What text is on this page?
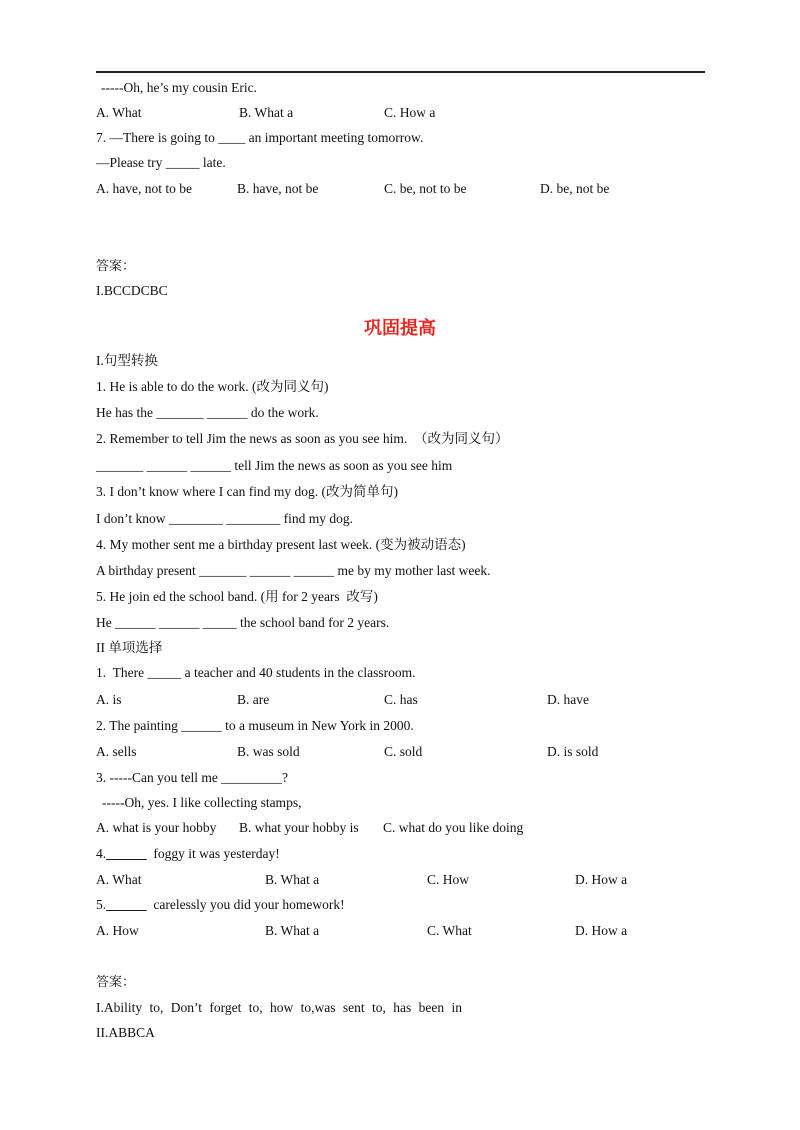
-----Oh, he’s my cousin Eric.
A. What	B. What a	C. How a
7. —There is going to ____ an important meeting tomorrow.
—Please try _____ late.
A. have, not to be	B. have, not be	C. be, not to be	D. be, not be
答案：
I.BCCDCBC
巩固提高
I.句型转换
1. He is able to do the work. (改为同义句)
He has the _______ ______ do the work.
2. Remember to tell Jim the news as soon as you see him.  （改为同义句）
_______ ______ ______ tell Jim the news as soon as you see him
3. I don’t know where I can find my dog. (改为简单句)
I don’t know ________ ________ find my dog.
4. My mother sent me a birthday present last week. (变为被动语态)
A birthday present _______ ______ ______ me by my mother last week.
5. He join ed the school band. (用 for 2 years  改写)
He ______ ______ _____ the school band for 2 years.
II 单项选择
1.  There _____ a teacher and 40 students in the classroom.
A. is	B. are	C. has	D. have
2. The painting ______ to a museum in New York in 2000.
A. sells	B. was sold	C. sold	D. is sold
3. -----Can you tell me _________?
-----Oh, yes. I like collecting stamps,
A. what is your hobby B. what your hobby is C. what do you like doing
4.______  foggy it was yesterday!
A. What	B. What a	C. How	D. How a
5.______  carelessly you did your homework!
A. How	B. What a	C. What	D. How a
答案：
I.Ability to, Don’t forget to, how to,was sent to, has been in
II.ABBCA
